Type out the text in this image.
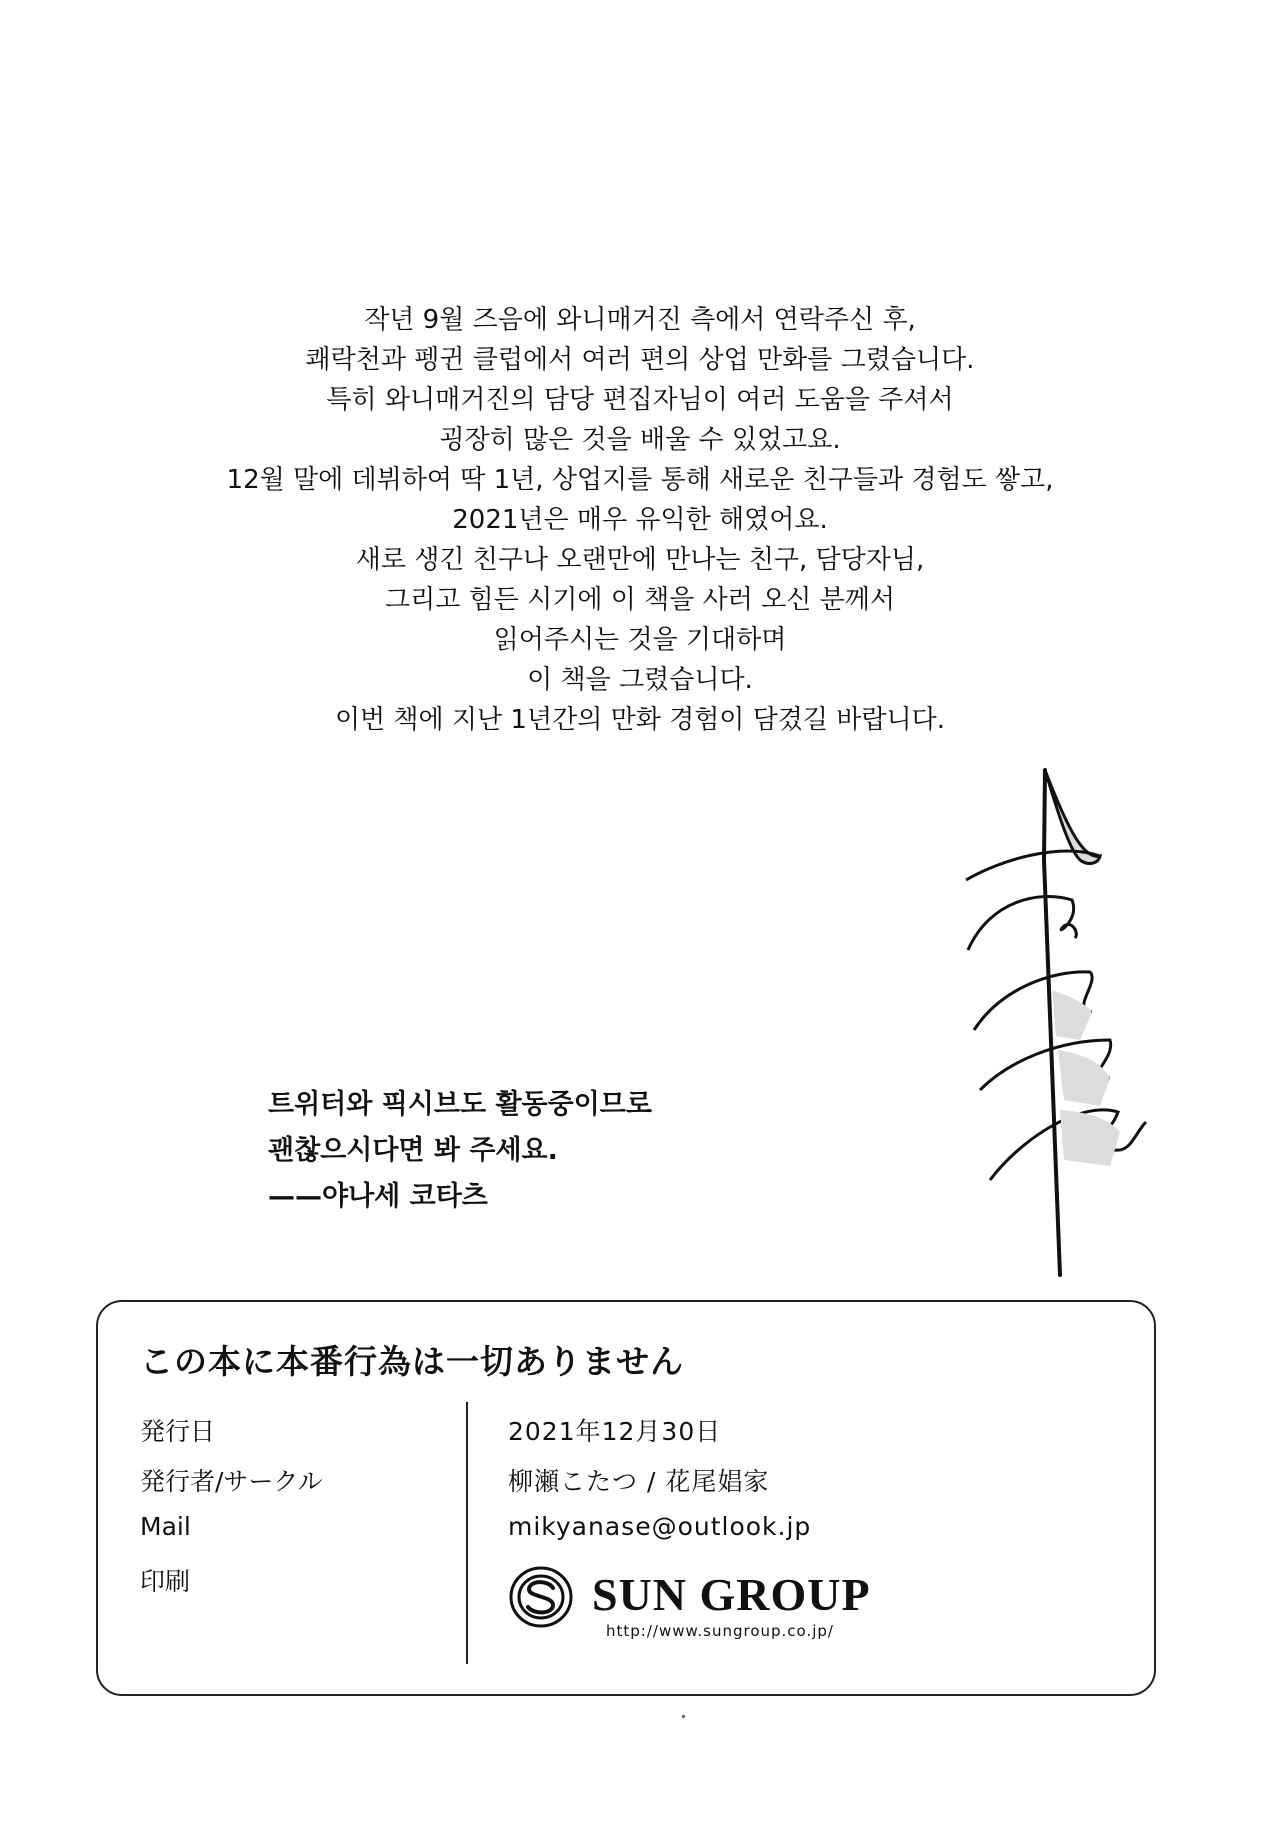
작년 9월 즈음에 와니매거진 측에서 연락주신 후,
쾌락천과 펭귄 클럽에서 여러 편의 상업 만화를 그렸습니다.
특히 와니매거진의 담당 편집자님이 여러 도움을 주셔서
굉장히 많은 것을 배울 수 있었고요.
12월 말에 데뷔하여 딱 1년, 상업지를 통해 새로운 친구들과 경험도 쌓고,
2021년은 매우 유익한 해였어요.
새로 생긴 친구나 오랜만에 만나는 친구, 담당자님,
그리고 힘든 시기에 이 책을 사러 오신 분께서
읽어주시는 것을 기대하며
이 책을 그렸습니다.
이번 책에 지난 1년간의 만화 경험이 담겼길 바랍니다.
트위터와 픽시브도 활동중이므로
괜찮으시다면 봐 주세요.
——야나세 코타츠
この本に本番行為は一切ありません
発行日	2021年12月30日
発行者/サークル	柳瀬こたつ / 花尾娼家
Mail	mikyanase@outlook.jp
印刷	SUN GROUP
http://www.sungroup.co.jp/
